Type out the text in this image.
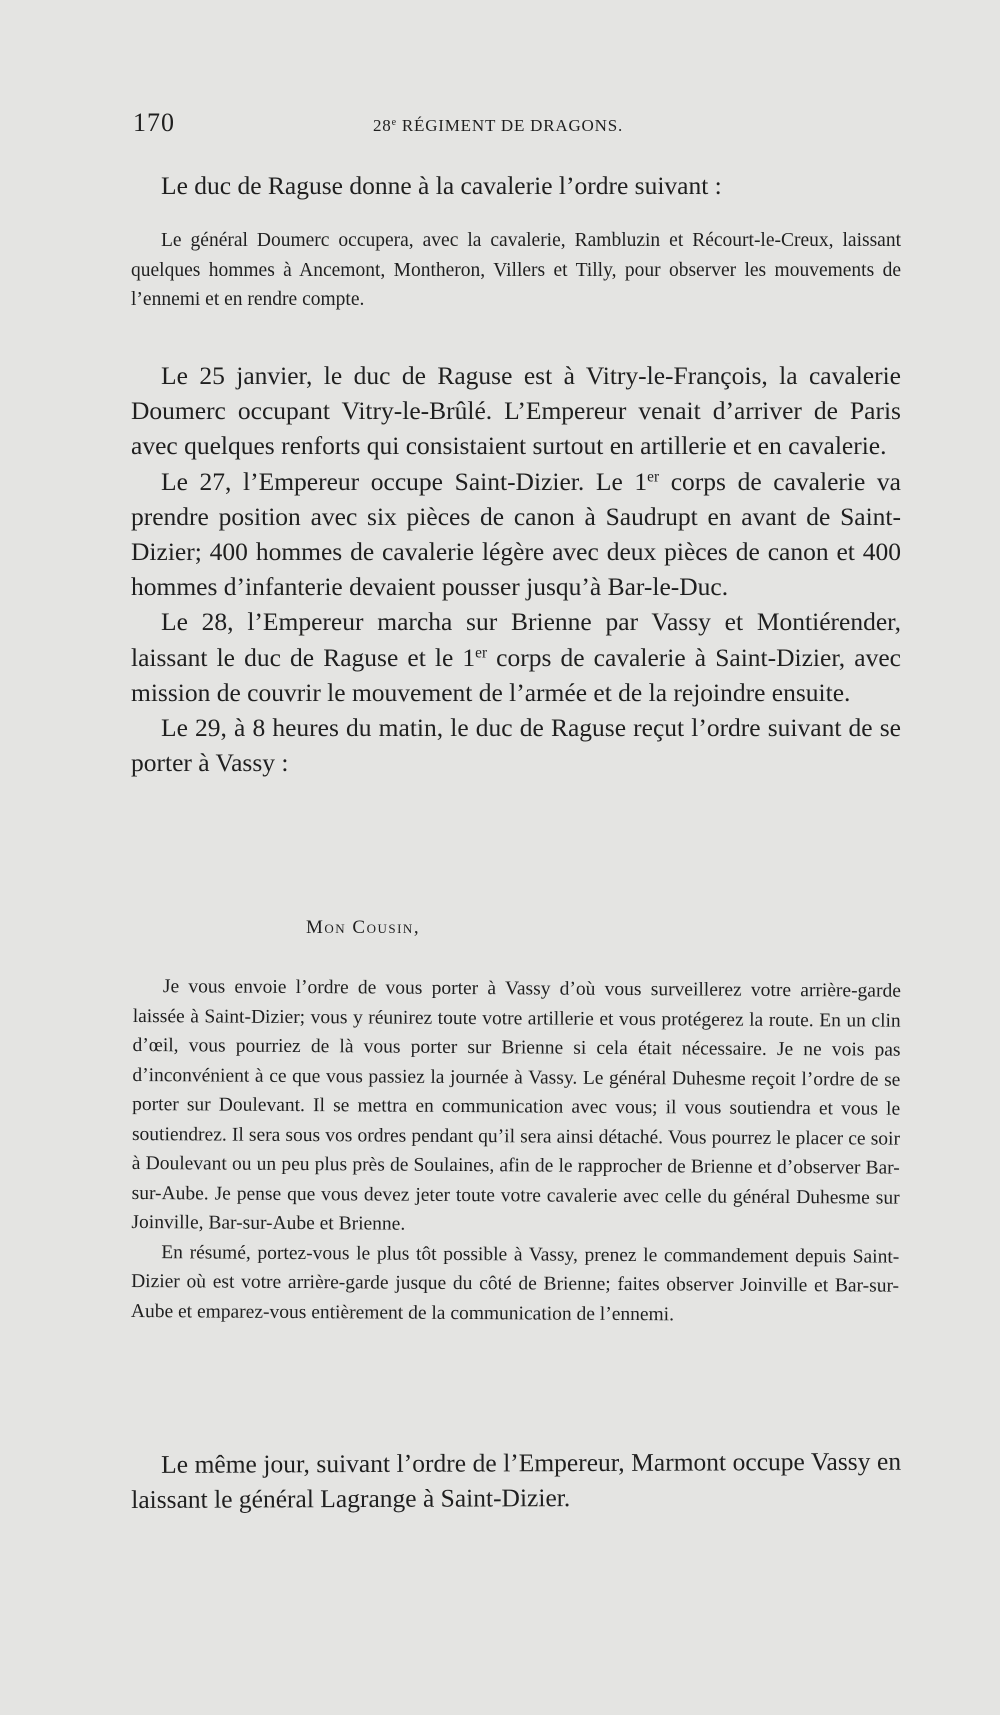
170	28e RÉGIMENT DE DRAGONS.

Le duc de Raguse donne à la cavalerie l’ordre suivant :

Le général Doumerc occupera, avec la cavalerie, Rambluzin et Récourt-le-Creux, laissant quelques hommes à Ancemont, Montheron, Villers et Tilly, pour observer les mouvements de l’ennemi et en rendre compte.

Le 25 janvier, le duc de Raguse est à Vitry-le-François, la cavalerie Doumerc occupant Vitry-le-Brûlé. L’Empereur venait d’arriver de Paris avec quelques renforts qui consistaient surtout en artillerie et en cavalerie.

Le 27, l’Empereur occupe Saint-Dizier. Le 1er corps de cavalerie va prendre position avec six pièces de canon à Saudrupt en avant de Saint-Dizier; 400 hommes de cavalerie légère avec deux pièces de canon et 400 hommes d’infanterie devaient pousser jusqu’à Bar-le-Duc.

Le 28, l’Empereur marcha sur Brienne par Vassy et Montiérender, laissant le duc de Raguse et le 1er corps de cavalerie à Saint-Dizier, avec mission de couvrir le mouvement de l’armée et de la rejoindre ensuite.

Le 29, à 8 heures du matin, le duc de Raguse reçut l’ordre suivant de se porter à Vassy :

Mon Cousin,

Je vous envoie l’ordre de vous porter à Vassy d’où vous surveillerez votre arrière-garde laissée à Saint-Dizier; vous y réunirez toute votre artillerie et vous protégerez la route. En un clin d’œil, vous pourriez de là vous porter sur Brienne si cela était nécessaire. Je ne vois pas d’inconvénient à ce que vous passiez la journée à Vassy. Le général Duhesme reçoit l’ordre de se porter sur Doulevant. Il se mettra en communication avec vous; il vous soutiendra et vous le soutiendrez. Il sera sous vos ordres pendant qu’il sera ainsi détaché. Vous pourrez le placer ce soir à Doulevant ou un peu plus près de Soulaines, afin de le rapprocher de Brienne et d’observer Bar-sur-Aube. Je pense que vous devez jeter toute votre cavalerie avec celle du général Duhesme sur Joinville, Bar-sur-Aube et Brienne.

En résumé, portez-vous le plus tôt possible à Vassy, prenez le commandement depuis Saint-Dizier où est votre arrière-garde jusque du côté de Brienne; faites observer Joinville et Bar-sur-Aube et emparez-vous entièrement de la communication de l’ennemi.

Le même jour, suivant l’ordre de l’Empereur, Marmont occupe Vassy en laissant le général Lagrange à Saint-Dizier.
